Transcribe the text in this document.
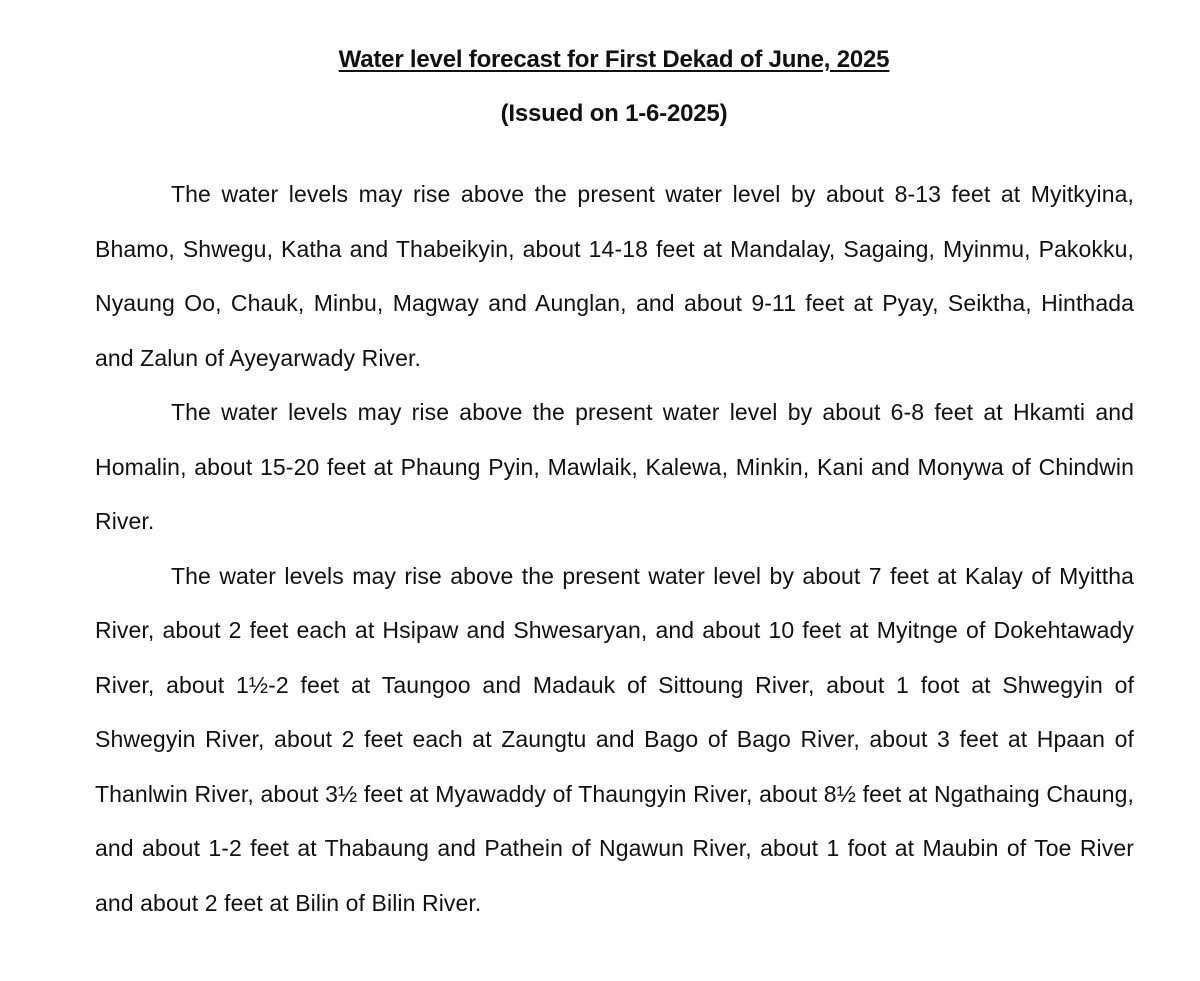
Water level forecast for First Dekad of June, 2025
(Issued on 1-6-2025)

The water levels may rise above the present water level by about 8-13 feet at Myitkyina, Bhamo, Shwegu, Katha and Thabeikyin, about 14-18 feet at Mandalay, Sagaing, Myinmu, Pakokku, Nyaung Oo, Chauk, Minbu, Magway and Aunglan, and about 9-11 feet at Pyay, Seiktha, Hinthada and Zalun of Ayeyarwady River.

The water levels may rise above the present water level by about 6-8 feet at Hkamti and Homalin, about 15-20 feet at Phaung Pyin, Mawlaik, Kalewa, Minkin, Kani and Monywa of Chindwin River.

The water levels may rise above the present water level by about 7 feet at Kalay of Myittha River, about 2 feet each at Hsipaw and Shwesaryan, and about 10 feet at Myitnge of Dokehtawady River, about 1½-2 feet at Taungoo and Madauk of Sittoung River, about 1 foot at Shwegyin of Shwegyin River, about 2 feet each at Zaungtu and Bago of Bago River, about 3 feet at Hpaan of Thanlwin River, about 3½ feet at Myawaddy of Thaungyin River, about 8½ feet at Ngathaing Chaung, and about 1-2 feet at Thabaung and Pathein of Ngawun River, about 1 foot at Maubin of Toe River and about 2 feet at Bilin of Bilin River.
